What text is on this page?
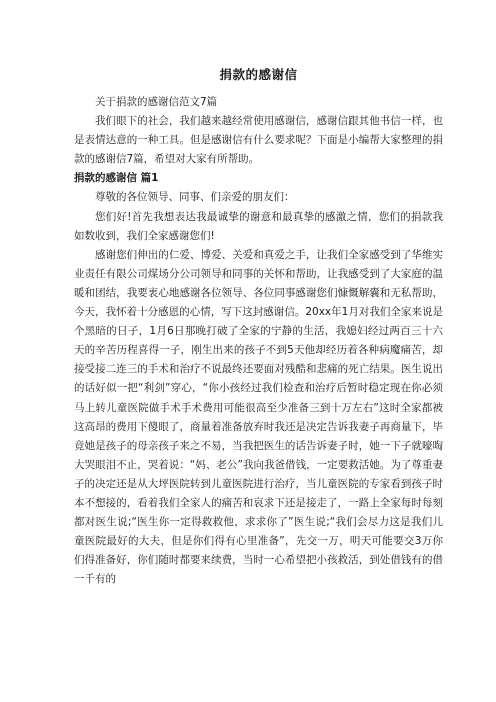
捐款的感谢信

关于捐款的感谢信范文7篇

我们眼下的社会，我们越来越经常使用感谢信，感谢信跟其他书信一样，也是表情达意的一种工具。但是感谢信有什么要求呢？下面是小编帮大家整理的捐款的感谢信7篇，希望对大家有所帮助。

捐款的感谢信 篇1

尊敬的各位领导、同事、们亲爱的朋友们：

您们好!首先我想表达我最诚挚的谢意和最真挚的感激之情，您们的捐款我如数收到，我们全家感谢您们!

感谢您们伸出的仁爱、博爱、关爱和真爱之手，让我们全家感受到了华维实业责任有限公司煤场分公司领导和同事的关怀和帮助，让我感受到了大家庭的温暖和团结，我要衷心地感谢各位领导、各位同事感谢您们慷慨解囊和无私帮助，今天，我怀着十分感恩的心情，写下这封感谢信。20xx年1月对我们全家来说是个黑暗的日子，1月6日那晚打破了全家的宁静的生活，我媳妇经过两百三十六天的辛苦历程喜得一子，刚生出来的孩子不到5天他却经历着各种病魔痛苦，却接受接二连三的手术和治疗不说最终还要面对残酷和悲痛的死亡结果。医生说出的话好似一把“利剑”穿心，“你小孩经过我们检查和治疗后暂时稳定现在你必须马上转儿童医院做手术手术费用可能很高至少准备三到十万左右”这时全家都被这高昂的费用下傻眼了，商量着准备放弃时我还是决定告诉我妻子再商量下，毕竟她是孩子的母亲孩子来之不易，当我把医生的话告诉妻子时，她一下子就嚎啕大哭眼泪不止，哭着说：“妈、老公”我向我爸借钱，一定要救活她。为了尊重妻子的决定还是从大坪医院转到儿童医院进行治疗，当儿童医院的专家看到孩子时本不想接的，看着我们全家人的痛苦和哀求下还是接走了，一路上全家每时每刻都对医生说;“医生你一定得救救他，求求你了”医生说;“我们会尽力这是我们儿童医院最好的大夫，但是你们得有心里准备”，先交一万，明天可能要交3万你们得准备好，你们随时都要来续费，当时一心希望把小孩救活，到处借钱有的借一千有的
